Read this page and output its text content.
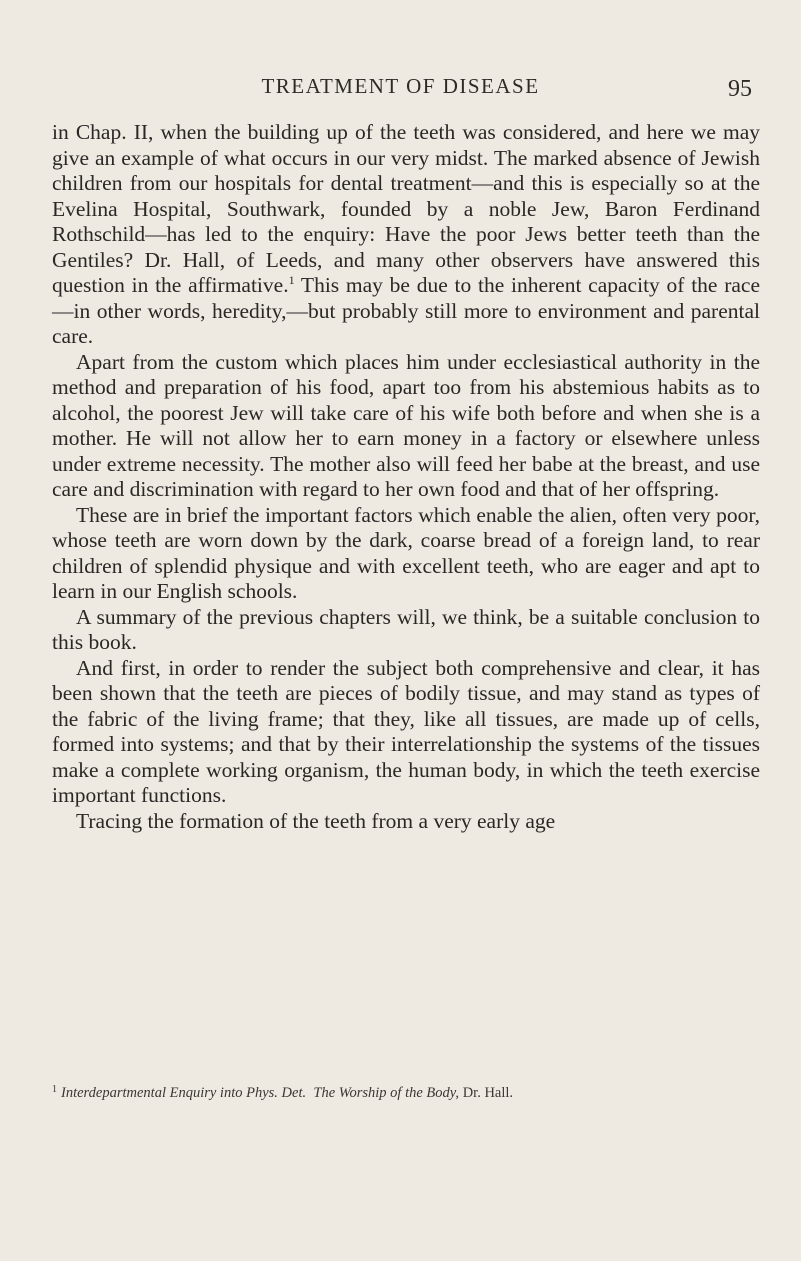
TREATMENT OF DISEASE	95

in Chap. II, when the building up of the teeth was considered, and here we may give an example of what occurs in our very midst. The marked absence of Jewish children from our hospitals for dental treatment—and this is especially so at the Evelina Hospital, Southwark, founded by a noble Jew, Baron Ferdinand Rothschild—has led to the enquiry: Have the poor Jews better teeth than the Gentiles? Dr. Hall, of Leeds, and many other observers have answered this question in the affirmative.$^1$ This may be due to the inherent capacity of the race—in other words, heredity,—but probably still more to environment and parental care.

Apart from the custom which places him under ecclesiastical authority in the method and preparation of his food, apart too from his abstemious habits as to alcohol, the poorest Jew will take care of his wife both before and when she is a mother. He will not allow her to earn money in a factory or elsewhere unless under extreme necessity. The mother also will feed her babe at the breast, and use care and discrimination with regard to her own food and that of her offspring.

These are in brief the important factors which enable the alien, often very poor, whose teeth are worn down by the dark, coarse bread of a foreign land, to rear children of splendid physique and with excellent teeth, who are eager and apt to learn in our English schools.

A summary of the previous chapters will, we think, be a suitable conclusion to this book.

And first, in order to render the subject both comprehensive and clear, it has been shown that the teeth are pieces of bodily tissue, and may stand as types of the fabric of the living frame; that they, like all tissues, are made up of cells, formed into systems; and that by their interrelationship the systems of the tissues make a complete working organism, the human body, in which the teeth exercise important functions.

Tracing the formation of the teeth from a very early age

$^1$ Interdepartmental Enquiry into Phys. Det. The Worship of the Body, Dr. Hall.
